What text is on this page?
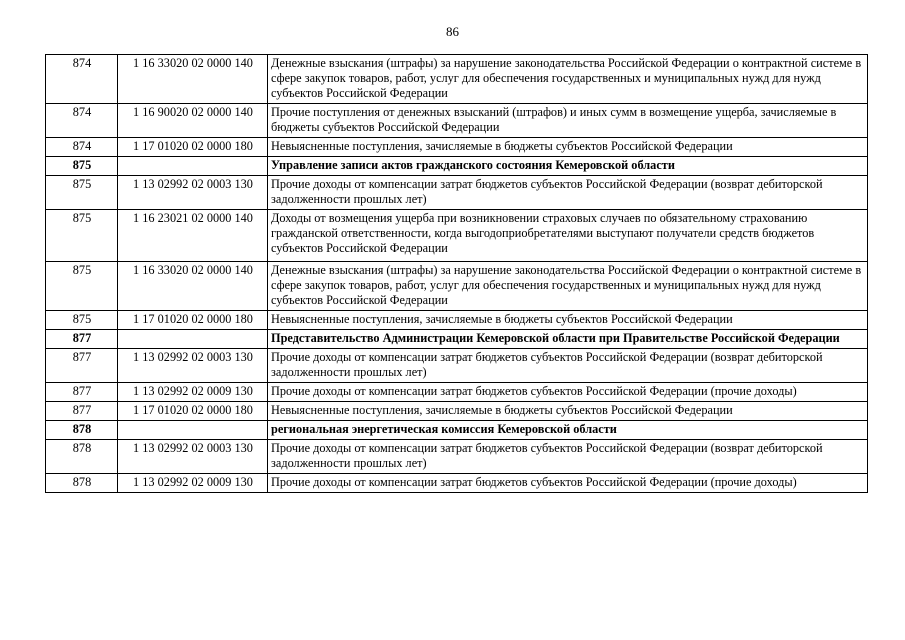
86
874	1 16 33020 02 0000 140	Денежные взыскания (штрафы) за нарушение законодательства Российской Федерации о контрактной системе в сфере закупок товаров, работ, услуг для обеспечения государственных и муниципальных нужд для нужд субъектов Российской Федерации
874	1 16 90020 02 0000 140	Прочие поступления от денежных взысканий (штрафов) и иных сумм в возмещение ущерба, зачисляемые в бюджеты субъектов Российской Федерации
874	1 17 01020 02 0000 180	Невыясненные поступления, зачисляемые в бюджеты субъектов Российской Федерации
875		Управление записи актов гражданского состояния Кемеровской области
875	1 13 02992 02 0003 130	Прочие доходы от компенсации затрат бюджетов субъектов Российской Федерации (возврат дебиторской задолженности прошлых лет)
875	1 16 23021 02 0000 140	Доходы от возмещения ущерба при возникновении страховых случаев по обязательному страхованию гражданской ответственности, когда выгодоприобретателями выступают получатели средств бюджетов субъектов Российской Федерации
875	1 16 33020 02 0000 140	Денежные взыскания (штрафы) за нарушение законодательства Российской Федерации о контрактной системе в сфере закупок товаров, работ, услуг для обеспечения государственных и муниципальных нужд для нужд субъектов Российской Федерации
875	1 17 01020 02 0000 180	Невыясненные поступления, зачисляемые в бюджеты субъектов Российской Федерации
877		Представительство Администрации Кемеровской области при Правительстве Российской Федерации
877	1 13 02992 02 0003 130	Прочие доходы от компенсации затрат бюджетов субъектов Российской Федерации (возврат дебиторской задолженности прошлых лет)
877	1 13 02992 02 0009 130	Прочие доходы от компенсации затрат бюджетов субъектов Российской Федерации (прочие доходы)
877	1 17 01020 02 0000 180	Невыясненные поступления, зачисляемые в бюджеты субъектов Российской Федерации
878		региональная энергетическая комиссия Кемеровской области
878	1 13 02992 02 0003 130	Прочие доходы от компенсации затрат бюджетов субъектов Российской Федерации (возврат дебиторской задолженности прошлых лет)
878	1 13 02992 02 0009 130	Прочие доходы от компенсации затрат бюджетов субъектов Российской Федерации (прочие доходы)
